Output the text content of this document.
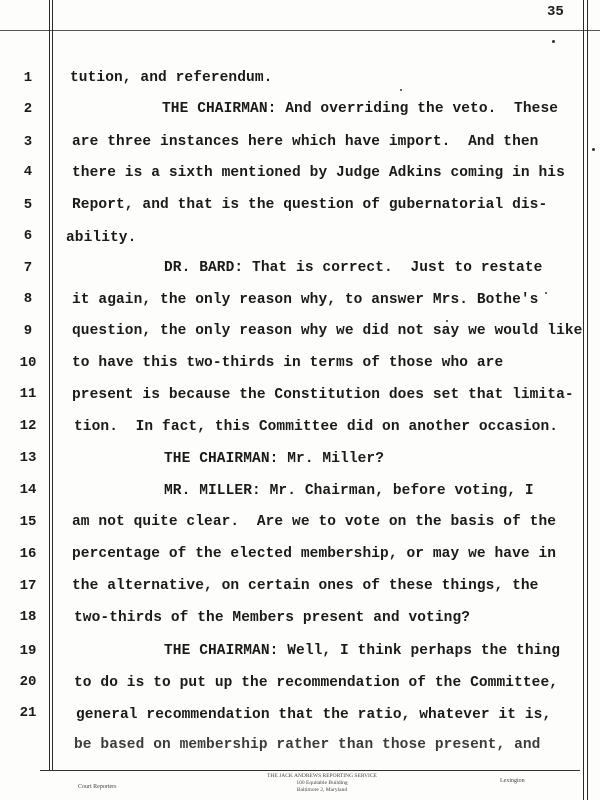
35
1
2
3
4
5
6
7
8
9
10
11
12
13
14
15
16
17
18
19
20
21
tution, and referendum.
THE CHAIRMAN: And overriding the veto.  These
are three instances here which have import.  And then
there is a sixth mentioned by Judge Adkins coming in his
Report, and that is the question of gubernatorial dis-
ability.
DR. BARD: That is correct.  Just to restate
it again, the only reason why, to answer Mrs. Bothe's
question, the only reason why we did not say we would like
to have this two-thirds in terms of those who are
present is because the Constitution does set that limita-
tion.  In fact, this Committee did on another occasion.
THE CHAIRMAN: Mr. Miller?
MR. MILLER: Mr. Chairman, before voting, I
am not quite clear.  Are we to vote on the basis of the
percentage of the elected membership, or may we have in
the alternative, on certain ones of these things, the
two-thirds of the Members present and voting?
THE CHAIRMAN: Well, I think perhaps the thing
to do is to put up the recommendation of the Committee,
general recommendation that the ratio, whatever it is,
be based on membership rather than those present, and
Court Reporters
THE JACK ANDREWS REPORTING SERVICE
100 Equitable Building
Baltimore 2, Maryland
Lexington
